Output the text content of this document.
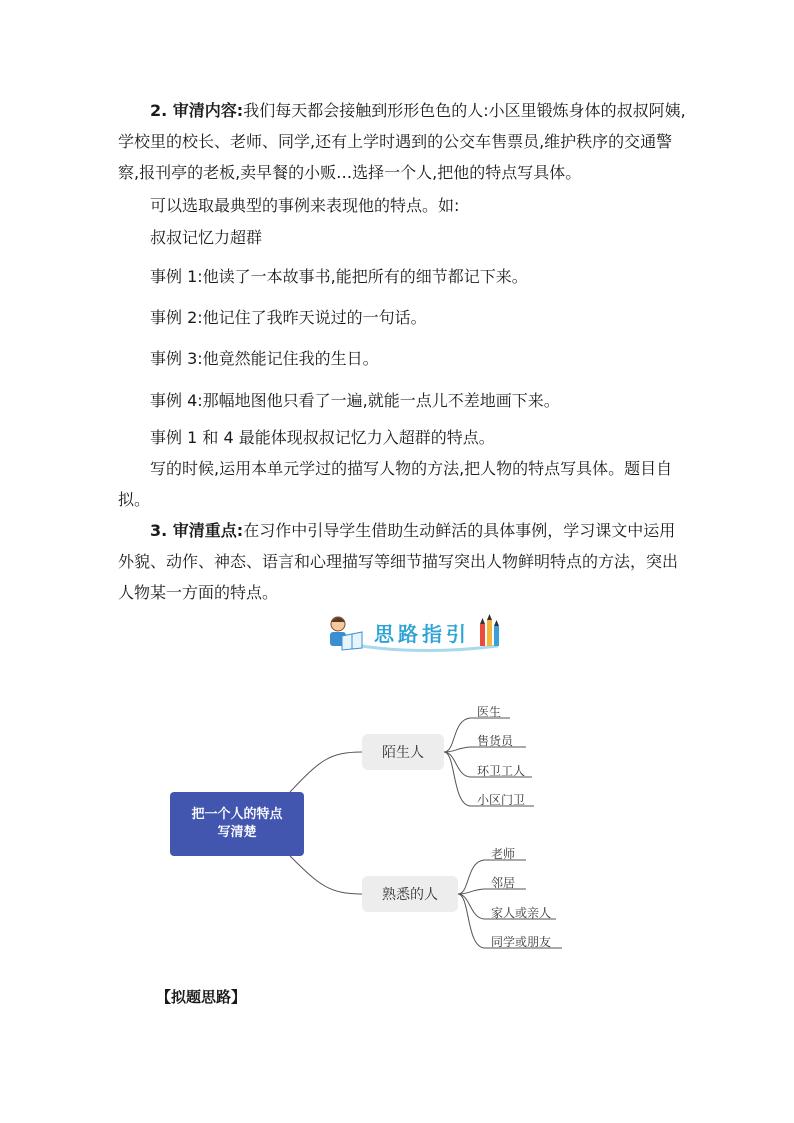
2. 审清内容:我们每天都会接触到形形色色的人:小区里锻炼身体的叔叔阿姨,
学校里的校长、老师、同学,还有上学时遇到的公交车售票员,维护秩序的交通警
察,报刊亭的老板,卖早餐的小贩…选择一个人,把他的特点写具体。
可以选取最典型的事例来表现他的特点。如:
叔叔记忆力超群
事例 1:他读了一本故事书,能把所有的细节都记下来。
事例 2:他记住了我昨天说过的一句话。
事例 3:他竟然能记住我的生日。
事例 4:那幅地图他只看了一遍,就能一点儿不差地画下来。
事例 1 和 4 最能体现叔叔记忆力入超群的特点。
写的时候,运用本单元学过的描写人物的方法,把人物的特点写具体。题目自
拟。
3. 审清重点:在习作中引导学生借助生动鲜活的具体事例，学习课文中运用
外貌、动作、神态、语言和心理描写等细节描写突出人物鲜明特点的方法，突出
人物某一方面的特点。
思路指引
把一个人的特点写清楚
陌生人
熟悉的人
医生
售货员
环卫工人
小区门卫
老师
邻居
家人或亲人
同学或朋友
【拟题思路】
